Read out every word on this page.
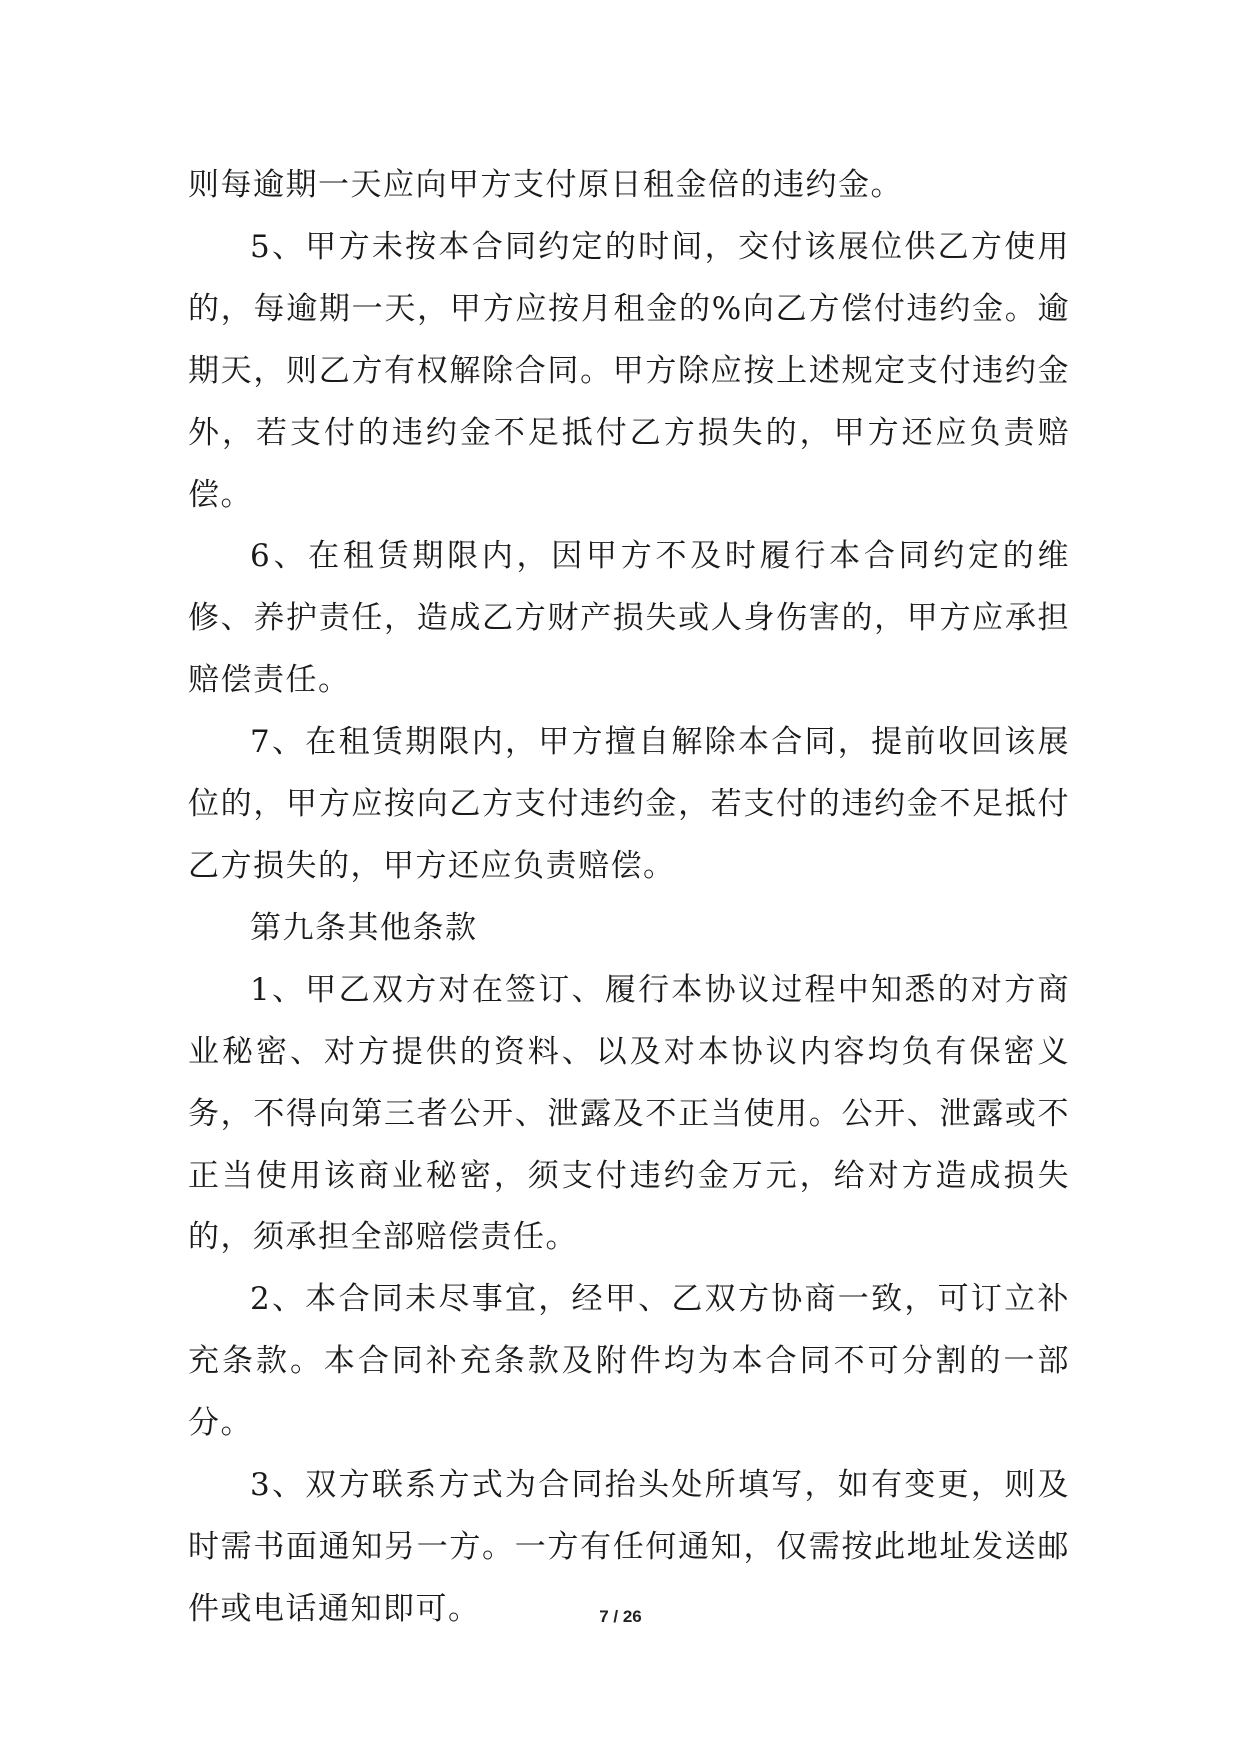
则每逾期一天应向甲方支付原日租金倍的违约金。

5、甲方未按本合同约定的时间，交付该展位供乙方使用的，每逾期一天，甲方应按月租金的%向乙方偿付违约金。逾期天，则乙方有权解除合同。甲方除应按上述规定支付违约金外，若支付的违约金不足抵付乙方损失的，甲方还应负责赔偿。

6、在租赁期限内，因甲方不及时履行本合同约定的维修、养护责任，造成乙方财产损失或人身伤害的，甲方应承担赔偿责任。

7、在租赁期限内，甲方擅自解除本合同，提前收回该展位的，甲方应按向乙方支付违约金，若支付的违约金不足抵付乙方损失的，甲方还应负责赔偿。

第九条其他条款

1、甲乙双方对在签订、履行本协议过程中知悉的对方商业秘密、对方提供的资料、以及对本协议内容均负有保密义务，不得向第三者公开、泄露及不正当使用。公开、泄露或不正当使用该商业秘密，须支付违约金万元，给对方造成损失的，须承担全部赔偿责任。

2、本合同未尽事宜，经甲、乙双方协商一致，可订立补充条款。本合同补充条款及附件均为本合同不可分割的一部分。

3、双方联系方式为合同抬头处所填写，如有变更，则及时需书面通知另一方。一方有任何通知，仅需按此地址发送邮件或电话通知即可。	7 / 26
